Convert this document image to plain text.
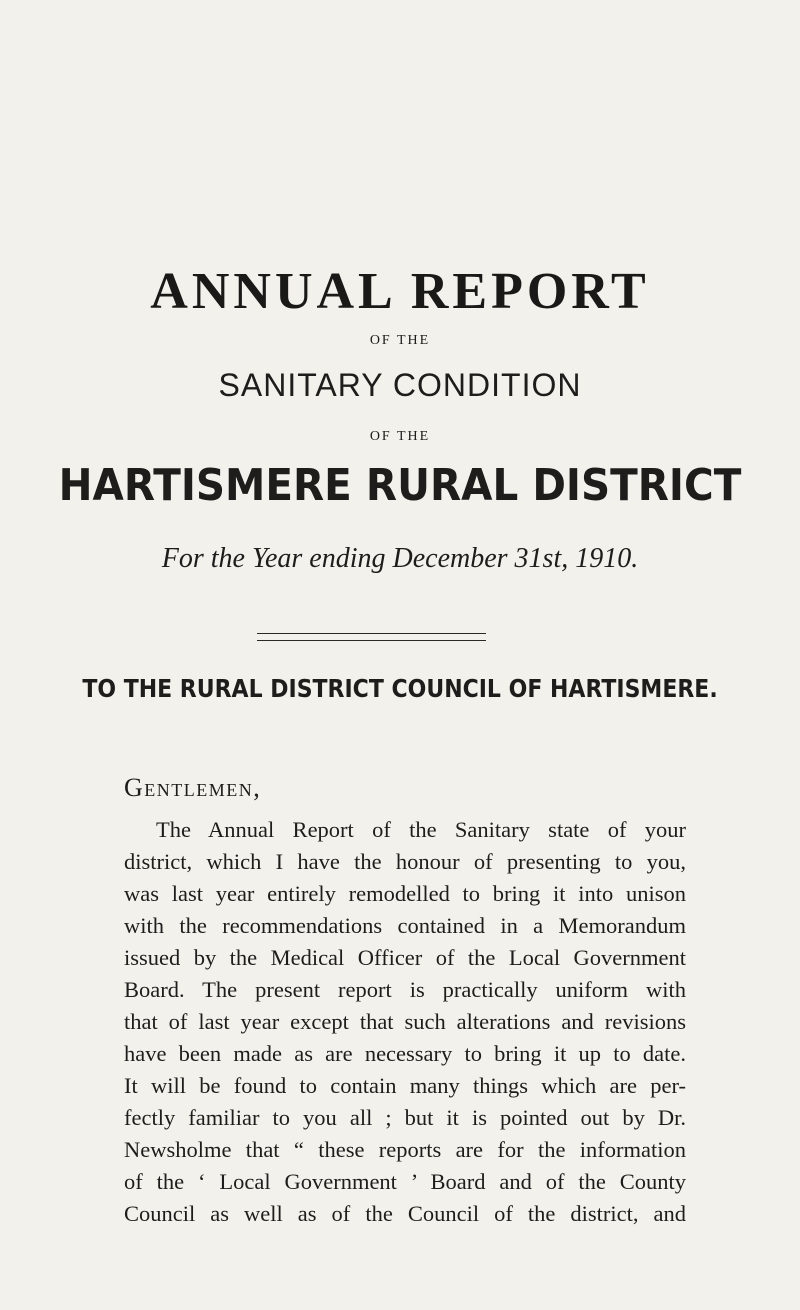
ANNUAL REPORT
OF THE
SANITARY CONDITION
OF THE
HARTISMERE RURAL DISTRICT
For the Year ending December 31st, 1910.
TO THE RURAL DISTRICT COUNCIL OF HARTISMERE.
Gentlemen,
The Annual Report of the Sanitary state of your
district, which I have the honour of presenting to you,
was last year entirely remodelled to bring it into unison
with the recommendations contained in a Memorandum
issued by the Medical Officer of the Local Government
Board. The present report is practically uniform with
that of last year except that such alterations and revisions
have been made as are necessary to bring it up to date.
It will be found to contain many things which are per-
fectly familiar to you all ; but it is pointed out by Dr.
Newsholme that “ these reports are for the information
of the ‘ Local Government ’ Board and of the County
Council as well as of the Council of the district, and
